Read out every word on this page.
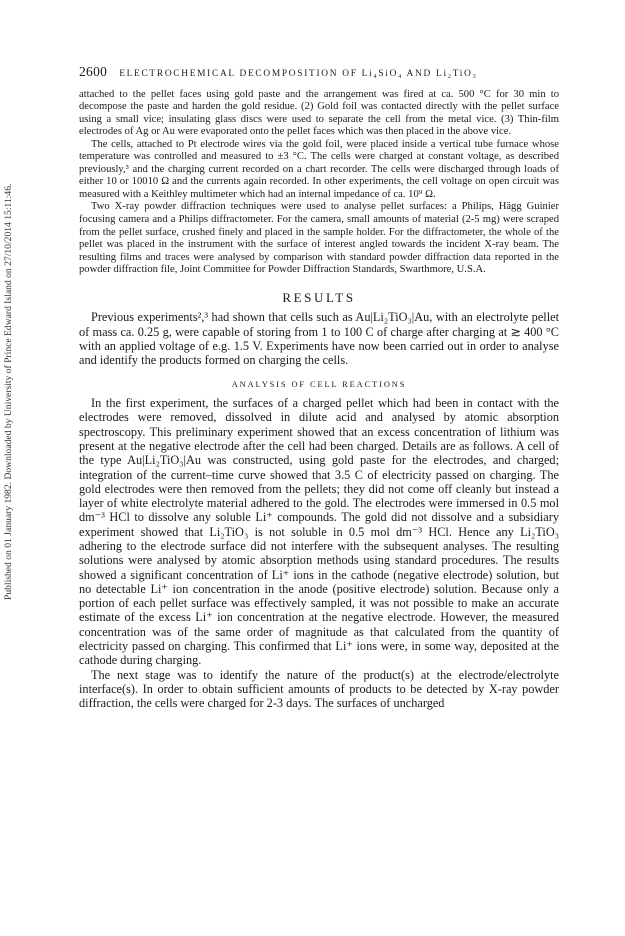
Published on 01 January 1982. Downloaded by University of Prince Edward Island on 27/10/2014 15:11:46.
2600 ELECTROCHEMICAL DECOMPOSITION OF Li₄SiO₄ AND Li₂TiO₃

attached to the pellet faces using gold paste and the arrangement was fired at ca. 500 °C for 30 min to decompose the paste and harden the gold residue. (2) Gold foil was contacted directly with the pellet surface using a small vice; insulating glass discs were used to separate the cell from the metal vice. (3) Thin-film electrodes of Ag or Au were evaporated onto the pellet faces which was then placed in the above vice.

The cells, attached to Pt electrode wires via the gold foil, were placed inside a vertical tube furnace whose temperature was controlled and measured to ±3 °C. The cells were charged at constant voltage, as described previously,³ and the charging current recorded on a chart recorder. The cells were discharged through loads of either 10 or 10010 Ω and the currents again recorded. In other experiments, the cell voltage on open circuit was measured with a Keithley multimeter which had an internal impedance of ca. 10⁹ Ω.

Two X-ray powder diffraction techniques were used to analyse pellet surfaces: a Philips, Hägg Guinier focusing camera and a Philips diffractometer. For the camera, small amounts of material (2-5 mg) were scraped from the pellet surface, crushed finely and placed in the sample holder. For the diffractometer, the whole of the pellet was placed in the instrument with the surface of interest angled towards the incident X-ray beam. The resulting films and traces were analysed by comparison with standard powder diffraction data reported in the powder diffraction file, Joint Committee for Powder Diffraction Standards, Swarthmore, U.S.A.

RESULTS

Previous experiments²,³ had shown that cells such as Au|Li₂TiO₃|Au, with an electrolyte pellet of mass ca. 0.25 g, were capable of storing from 1 to 100 C of charge after charging at ≳ 400 °C with an applied voltage of e.g. 1.5 V. Experiments have now been carried out in order to analyse and identify the products formed on charging the cells.

ANALYSIS OF CELL REACTIONS

In the first experiment, the surfaces of a charged pellet which had been in contact with the electrodes were removed, dissolved in dilute acid and analysed by atomic absorption spectroscopy. This preliminary experiment showed that an excess concentration of lithium was present at the negative electrode after the cell had been charged. Details are as follows. A cell of the type Au|Li₂TiO₃|Au was constructed, using gold paste for the electrodes, and charged; integration of the current–time curve showed that 3.5 C of electricity passed on charging. The gold electrodes were then removed from the pellets; they did not come off cleanly but instead a layer of white electrolyte material adhered to the gold. The electrodes were immersed in 0.5 mol dm⁻³ HCl to dissolve any soluble Li⁺ compounds. The gold did not dissolve and a subsidiary experiment showed that Li₂TiO₃ is not soluble in 0.5 mol dm⁻³ HCl. Hence any Li₂TiO₃ adhering to the electrode surface did not interfere with the subsequent analyses. The resulting solutions were analysed by atomic absorption methods using standard procedures. The results showed a significant concentration of Li⁺ ions in the cathode (negative electrode) solution, but no detectable Li⁺ ion concentration in the anode (positive electrode) solution. Because only a portion of each pellet surface was effectively sampled, it was not possible to make an accurate estimate of the excess Li⁺ ion concentration at the negative electrode. However, the measured concentration was of the same order of magnitude as that calculated from the quantity of electricity passed on charging. This confirmed that Li⁺ ions were, in some way, deposited at the cathode during charging.

The next stage was to identify the nature of the product(s) at the electrode/electrolyte interface(s). In order to obtain sufficient amounts of products to be detected by X-ray powder diffraction, the cells were charged for 2-3 days. The surfaces of uncharged
